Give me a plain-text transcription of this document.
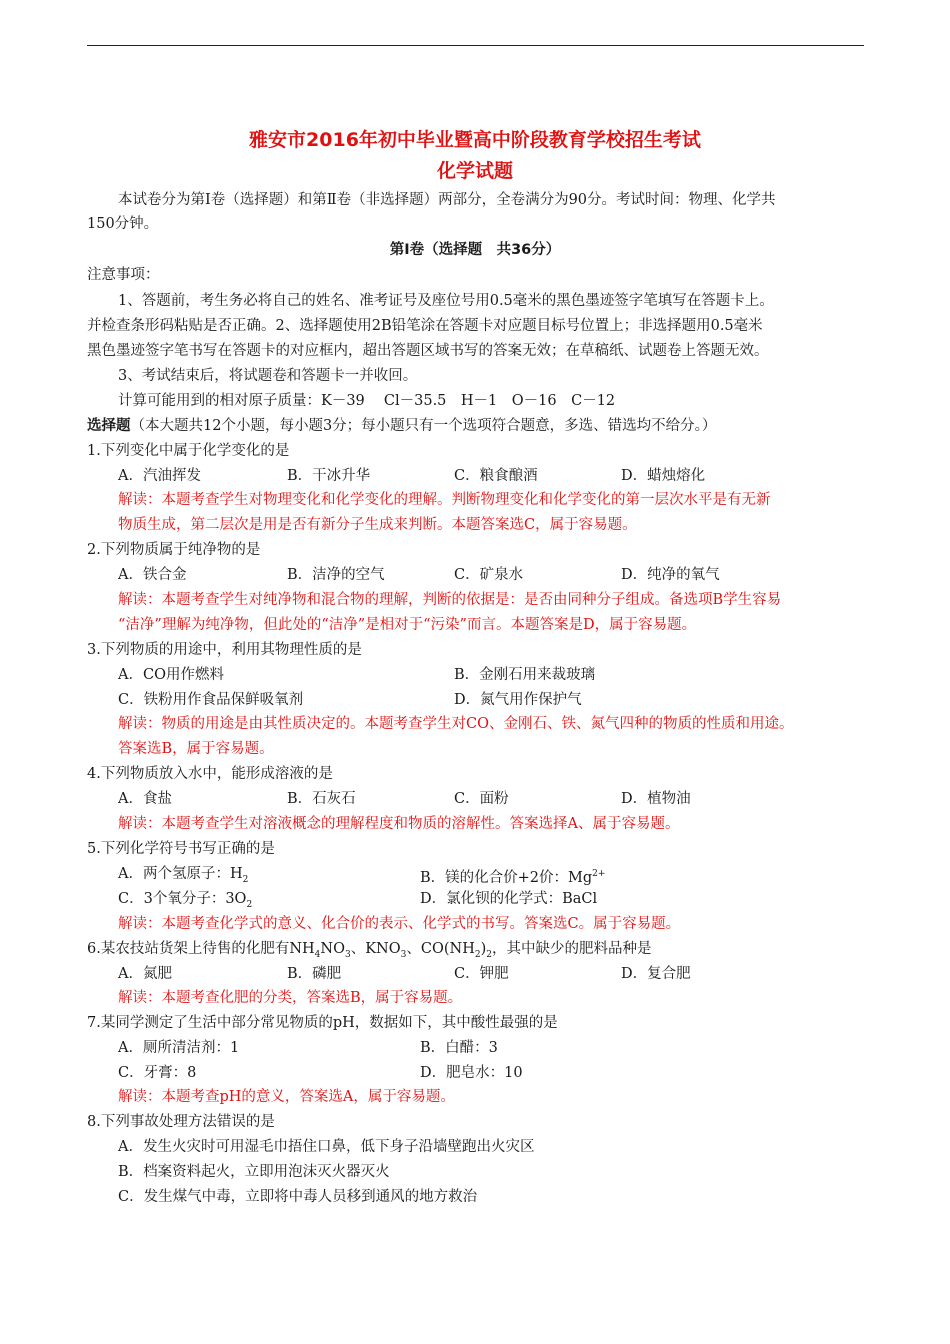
雅安市2016年初中毕业暨高中阶段教育学校招生考试
化学试题
本试卷分为第Ⅰ卷（选择题）和第Ⅱ卷（非选择题）两部分，全卷满分为90分。考试时间：物理、化学共
150分钟。
第Ⅰ卷（选择题　共36分）
注意事项：
1、答题前，考生务必将自己的姓名、准考证号及座位号用0.5毫米的黑色墨迹签字笔填写在答题卡上。
并检查条形码粘贴是否正确。2、选择题使用2B铅笔涂在答题卡对应题目标号位置上；非选择题用0.5毫米
黑色墨迹签字笔书写在答题卡的对应框内，超出答题区域书写的答案无效；在草稿纸、试题卷上答题无效。
3、考试结束后，将试题卷和答题卡一并收回。
计算可能用到的相对原子质量：K－39　 Cl－35.5　H－1　O－16　C－12
选择题（本大题共12个小题，每小题3分；每小题只有一个选项符合题意，多选、错选均不给分。）
1.下列变化中属于化学变化的是
A．汽油挥发	B．干冰升华	C．粮食酿酒	D．蜡烛熔化
解读：本题考查学生对物理变化和化学变化的理解。判断物理变化和化学变化的第一层次水平是有无新
物质生成，第二层次是用是否有新分子生成来判断。本题答案选C，属于容易题。
2.下列物质属于纯净物的是
A．铁合金	B．洁净的空气	C．矿泉水	D．纯净的氧气
解读：本题考查学生对纯净物和混合物的理解，判断的依据是：是否由同种分子组成。备选项B学生容易
“洁净”理解为纯净物，但此处的“洁净”是相对于“污染”而言。本题答案是D，属于容易题。
3.下列物质的用途中，利用其物理性质的是
A．CO用作燃料	B．金刚石用来裁玻璃
C．铁粉用作食品保鲜吸氧剂	D．氮气用作保护气
解读：物质的用途是由其性质决定的。本题考查学生对CO、金刚石、铁、氮气四种的物质的性质和用途。
答案选B，属于容易题。
4.下列物质放入水中，能形成溶液的是
A．食盐	B．石灰石	C．面粉	D．植物油
解读：本题考查学生对溶液概念的理解程度和物质的溶解性。答案选择A、属于容易题。
5.下列化学符号书写正确的是
A．两个氢原子：$H_2$	B．镁的化合价+2价：$Mg^{2+}$
C．3个氧分子：$3O_2$	D．氯化钡的化学式：BaCl
解读：本题考查化学式的意义、化合价的表示、化学式的书写。答案选C。属于容易题。
6.某农技站货架上待售的化肥有$NH_4NO_3$、$KNO_3$、$CO(NH_2)_2$，其中缺少的肥料品种是
A．氮肥	B．磷肥	C．钾肥	D．复合肥
解读：本题考查化肥的分类，答案选B，属于容易题。
7.某同学测定了生活中部分常见物质的pH，数据如下，其中酸性最强的是
A．厕所清洁剂：1	B．白醋：3
C．牙膏：8	D．肥皂水：10
解读：本题考查pH的意义，答案选A，属于容易题。
8.下列事故处理方法错误的是
A．发生火灾时可用湿毛巾捂住口鼻，低下身子沿墙壁跑出火灾区
B．档案资料起火，立即用泡沫灭火器灭火
C．发生煤气中毒，立即将中毒人员移到通风的地方救治
